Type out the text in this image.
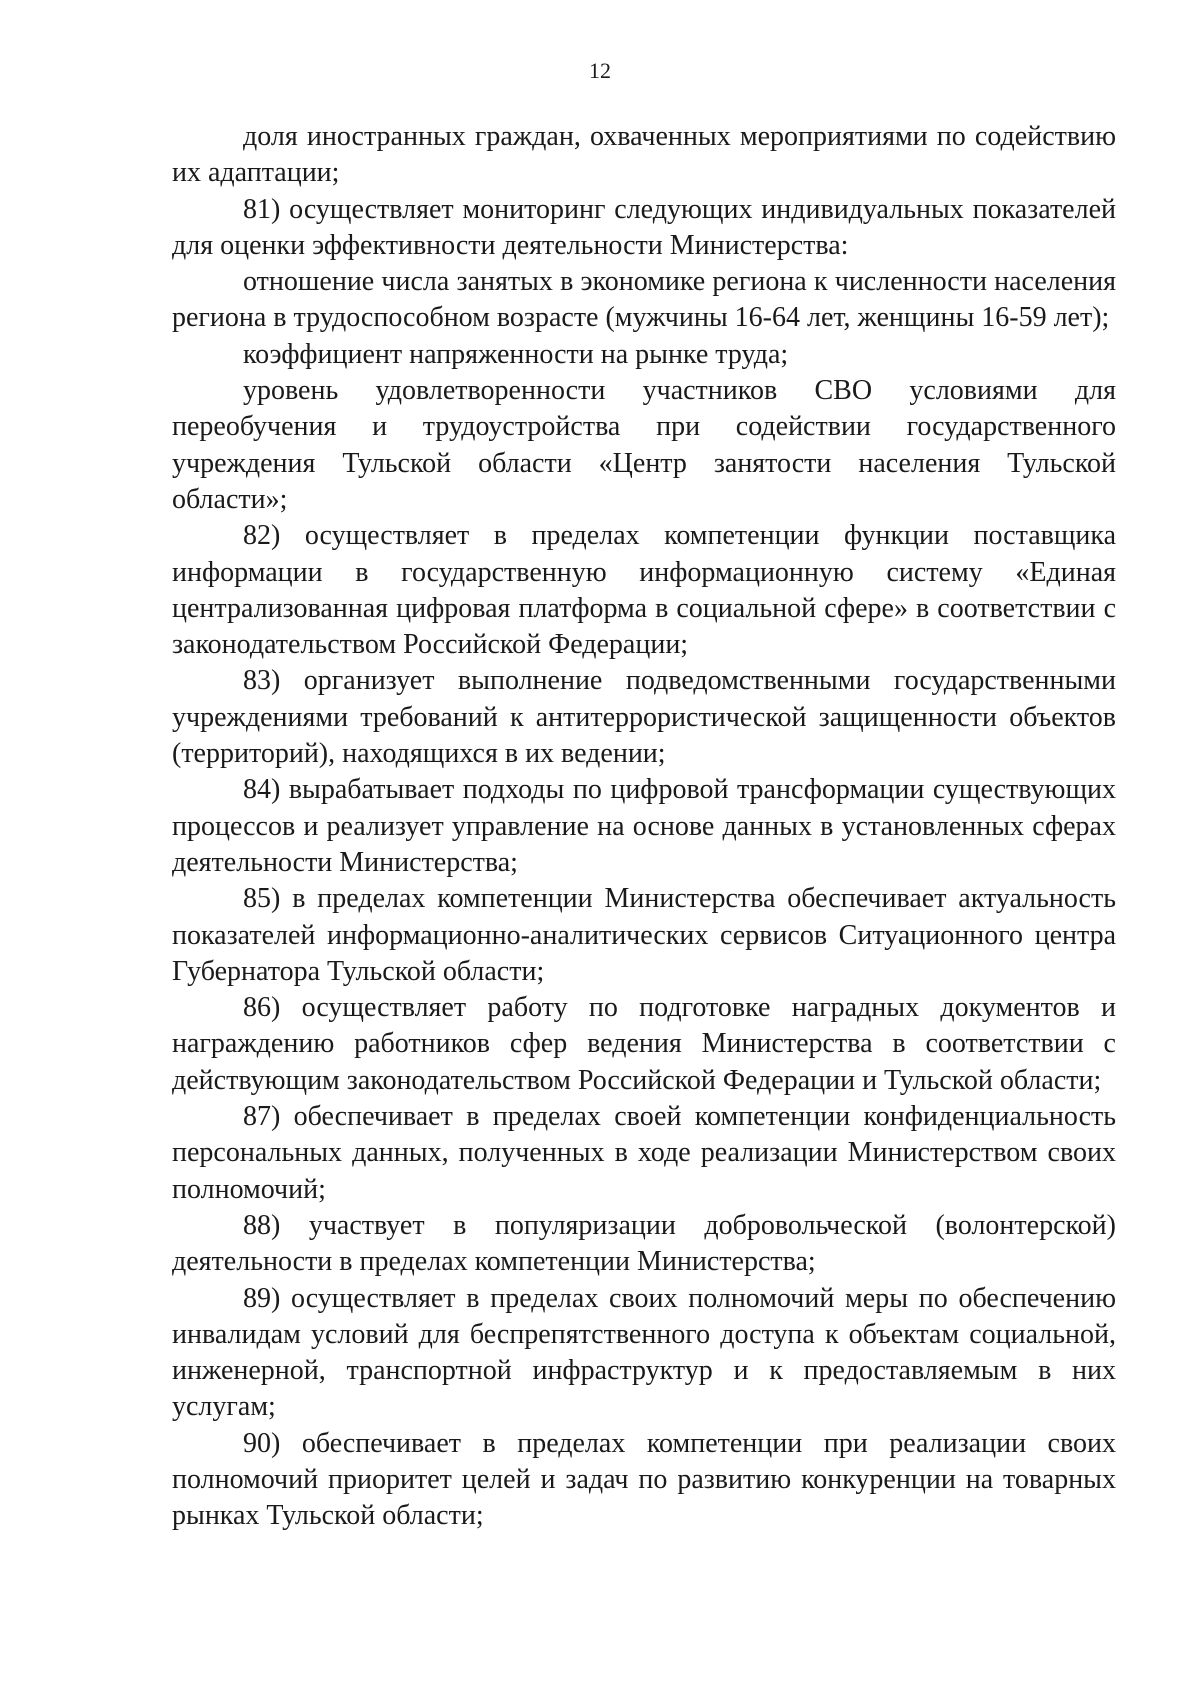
12

доля иностранных граждан, охваченных мероприятиями по содействию их адаптации;

81) осуществляет мониторинг следующих индивидуальных показателей для оценки эффективности деятельности Министерства:

отношение числа занятых в экономике региона к численности населения региона в трудоспособном возрасте (мужчины 16-64 лет, женщины 16-59 лет);

коэффициент напряженности на рынке труда;

уровень удовлетворенности участников СВО условиями для переобучения и трудоустройства при содействии государственного учреждения Тульской области «Центр занятости населения Тульской области»;

82) осуществляет в пределах компетенции функции поставщика информации в государственную информационную систему «Единая централизованная цифровая платформа в социальной сфере» в соответствии с законодательством Российской Федерации;

83) организует выполнение подведомственными государственными учреждениями требований к антитеррористической защищенности объектов (территорий), находящихся в их ведении;

84) вырабатывает подходы по цифровой трансформации существующих процессов и реализует управление на основе данных в установленных сферах деятельности Министерства;

85) в пределах компетенции Министерства обеспечивает актуальность показателей информационно-аналитических сервисов Ситуационного центра Губернатора Тульской области;

86) осуществляет работу по подготовке наградных документов и награждению работников сфер ведения Министерства в соответствии с действующим законодательством Российской Федерации и Тульской области;

87) обеспечивает в пределах своей компетенции конфиденциальность персональных данных, полученных в ходе реализации Министерством своих полномочий;

88) участвует в популяризации добровольческой (волонтерской) деятельности в пределах компетенции Министерства;

89) осуществляет в пределах своих полномочий меры по обеспечению инвалидам условий для беспрепятственного доступа к объектам социальной, инженерной, транспортной инфраструктур и к предоставляемым в них услугам;

90) обеспечивает в пределах компетенции при реализации своих полномочий приоритет целей и задач по развитию конкуренции на товарных рынках Тульской области;
